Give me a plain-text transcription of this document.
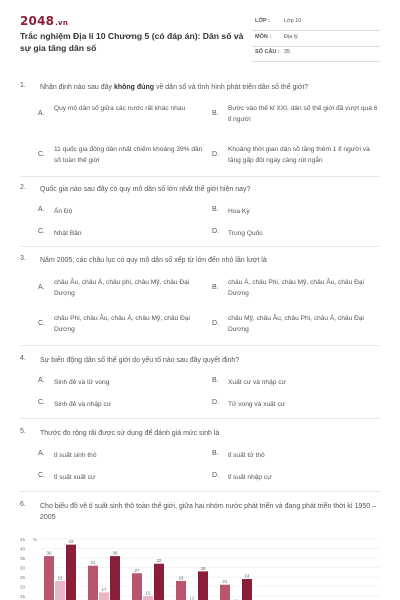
2048.vn
Trắc nghiệm Địa lí 10 Chương 5 (có đáp án): Dân số và sự gia tăng dân số
LỚP :	Lớp 10
MÔN : Địa lý
SỐ CÂU : 35
1. Nhận định nào sau đây không đúng về dân số và tình hình phát triển dân số thế giới?
A.
Quy mô dân số giữa các nước rất khác nhau
B.
Bước vào thế kỉ XXI, dân số thế giới đã vượt quá 6 tỉ người
C.
11 quốc gia đông dân nhất chiếm khoảng 39% dân số toàn thế giới
D.
Khoảng thời gian dân số tăng thêm 1 tỉ người và tăng gấp đôi ngày càng rút ngắn
2. Quốc gia nào sau đây có quy mô dân số lớn nhất thế giới hiện nay?
A. Ấn Độ	B. Hoa Kỳ
C. Nhật Bản	D. Trung Quốc
3. Năm 2005, các châu lục có quy mô dân số xếp từ lớn đến nhỏ lần lượt là
A.
châu Âu, châu Á, châu phi, châu Mỹ, châu Đại Dương
B.
châu Á, châu Phi, châu Mỹ, châu Âu, châu Đại Dương
C.
châu Phi, châu Âu, châu Á, châu Mỹ, châu Đại Dương
D.
châu Mỹ, châu Âu, châu Phi, châu Á, châu Đại Dương
4. Sự biến động dân số thế giới do yếu tố nào sau đây quyết định?
A. Sinh đẻ và tử vong	B. Xuất cư và nhập cư
C. Sinh đẻ và nhập cư	D. Tử vong và xuất cư
5. Thước đo rộng rãi được sử dụng để đánh giá mức sinh là
A. tỉ suất sinh thô	B. tỉ suất tử thô
C. tỉ suất xuất cư	D. tỉ suất nhập cư
6. Cho biểu đồ về tỉ suất sinh thô toàn thế giới, giữa hai nhóm nước phát triển và đang phát triển thời kì 1950 – 2005
45
40
35
30
25
20
15
%
36
23
42
31
17
36
27
15
32
23
12
28
21
24
